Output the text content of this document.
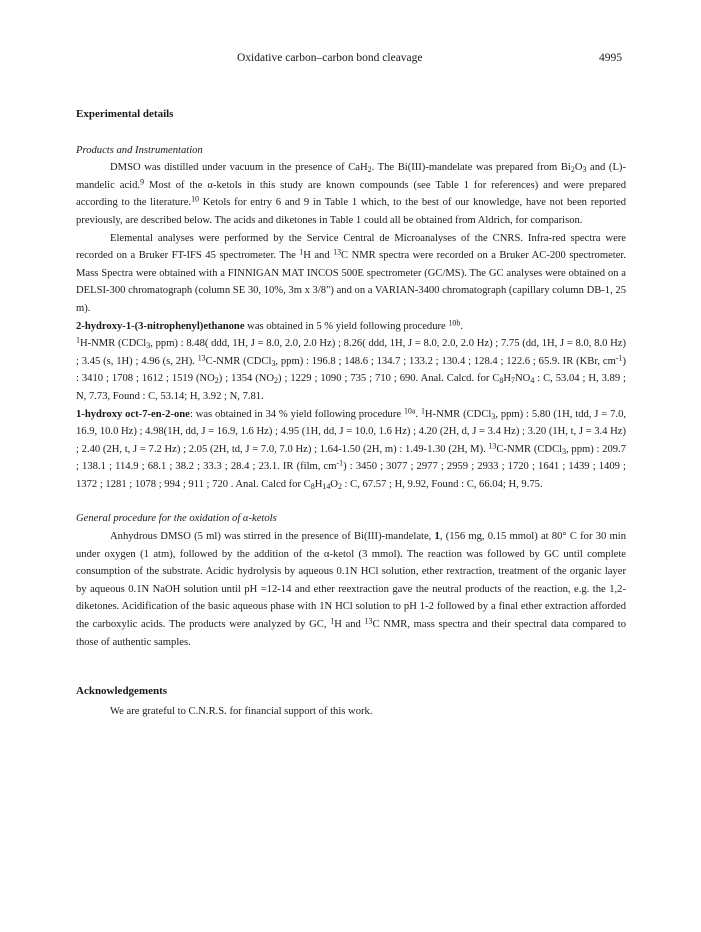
Oxidative carbon–carbon bond cleavage	4995
Experimental details
Products and Instrumentation

DMSO was distilled under vacuum in the presence of CaH$_2$. The Bi(III)-mandelate was prepared from $Bi_2O_3$ and (L)-mandelic acid.$^9$ Most of the α-ketols in this study are known compounds (see Table 1 for references) and were prepared according to the literature.$^{10}$ Ketols for entry 6 and 9 in Table 1 which, to the best of our knowledge, have not been reported previously, are described below. The acids and diketones in Table 1 could all be obtained from Aldrich, for comparison.

Elemental analyses were performed by the Service Central de Microanalyses of the CNRS. Infra-red spectra were recorded on a Bruker FT-IFS 45 spectrometer. The $^1$H and $^{13}$C NMR spectra were recorded on a Bruker AC-200 spectrometer. Mass Spectra were obtained with a FINNIGAN MAT INCOS 500E spectrometer (GC/MS). The GC analyses were obtained on a DELSI-300 chromatograph (column SE 30, 10%, 3m x 3/8") and on a VARIAN-3400 chromatograph (capillary column DB-1, 25 m).

2-hydroxy-1-(3-nitrophenyl)ethanone was obtained in 5 % yield following procedure $^{10b}$.
$^1$H-NMR (CDCl$_3$, ppm) : 8.48( ddd, 1H, J = 8.0, 2.0, 2.0 Hz) ; 8.26( ddd, 1H, J = 8.0, 2.0, 2.0 Hz) ; 7.75 (dd, 1H, J = 8.0, 8.0 Hz) ; 3.45 (s, 1H) ; 4.96 (s, 2H). $^{13}$C-NMR (CDCl$_3$, ppm) : 196.8 ; 148.6 ; 134.7 ; 133.2 ; 130.4 ; 128.4 ; 122.6 ; 65.9. IR (KBr, $cm^{-1}$) : 3410 ; 1708 ; 1612 ; 1519 $(NO_2)$ ; 1354 $(NO_2)$ ; 1229 ; 1090 ; 735 ; 710 ; 690. Anal. Calcd. for $C_8H_7NO_4$ : C, 53.04 ; H, 3.89 ; N, 7.73, Found : C, 53.14; H, 3.92 ; N, 7.81.

1-hydroxy oct-7-en-2-one: was obtained in 34 % yield following procedure $^{10a}$. $^1$H-NMR (CDCl$_3$, ppm) : 5.80 (1H, tdd, J = 7.0, 16.9, 10.0 Hz) ; 4.98(1H, dd, J = 16.9, 1.6 Hz) ; 4.95 (1H, dd, J = 10.0, 1.6 Hz) ; 4.20 (2H, d, J = 3.4 Hz) ; 3.20 (1H, t, J = 3.4 Hz) ; 2.40 (2H, t, J = 7.2 Hz) ; 2.05 (2H, td, J = 7.0, 7.0 Hz) ; 1.64-1.50 (2H, m) : 1.49-1.30 (2H, M). $^{13}$C-NMR (CDCl$_3$, ppm) : 209.7 ; 138.1 ; 114.9 ; 68.1 ; 38.2 ; 33.3 ; 28.4 ; 23.1. IR (film, $cm^{-1}$) : 3450 ; 3077 ; 2977 ; 2959 ; 2933 ; 1720 ; 1641 ; 1439 ; 1409 ; 1372 ; 1281 ; 1078 ; 994 ; 911 ; 720 . Anal. Calcd for $C_8H_{14}O_2$ : C, 67.57 ; H, 9.92, Found : C, 66.04; H, 9.75.

General procedure for the oxidation of α-ketols

Anhydrous DMSO (5 ml) was stirred in the presence of Bi(III)-mandelate, 1, (156 mg, 0.15 mmol) at 80° C for 30 min under oxygen (1 atm), followed by the addition of the α-ketol (3 mmol). The reaction was followed by GC until complete consumption of the substrate. Acidic hydrolysis by aqueous 0.1N HCl solution, ether rextraction, treatment of the organic layer by aqueous 0.1N NaOH solution until pH =12-14 and ether reextraction gave the neutral products of the reaction, e.g. the 1,2-diketones. Acidification of the basic aqueous phase with 1N HCl solution to pH 1-2 followed by a final ether extraction afforded the carboxylic acids. The products were analyzed by GC, $^1$H and $^{13}$C NMR, mass spectra and their spectral data compared to those of authentic samples.

Acknowledgements

We are grateful to C.N.R.S. for financial support of this work.
